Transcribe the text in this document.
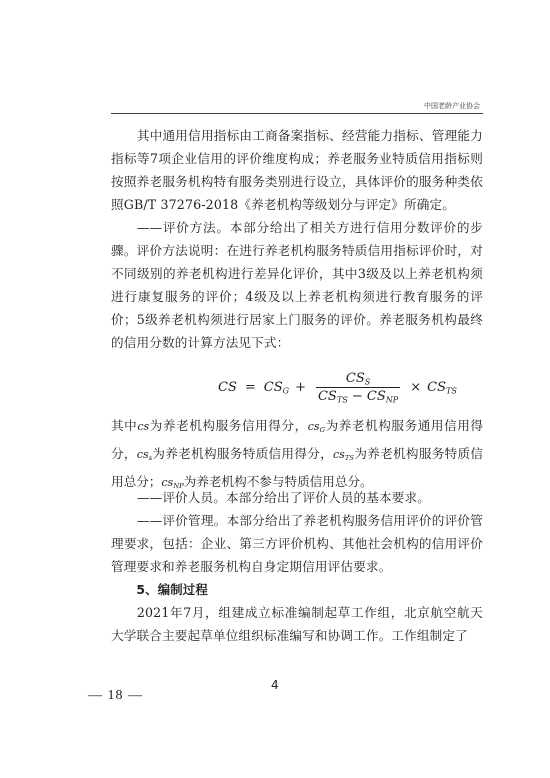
中国老龄产业协会

其中通用信用指标由工商备案指标、经营能力指标、管理能力指标等7项企业信用的评价维度构成；养老服务业特质信用指标则按照养老服务机构特有服务类别进行设立，具体评价的服务种类依照GB/T 37276-2018《养老机构等级划分与评定》所确定。

——评价方法。本部分给出了相关方进行信用分数评价的步骤。评价方法说明：在进行养老机构服务特质信用指标评价时，对不同级别的养老机构进行差异化评价，其中3级及以上养老机构须进行康复服务的评价；4级及以上养老机构须进行教育服务的评价；5级养老机构须进行居家上门服务的评价。养老服务机构最终的信用分数的计算方法见下式：

CS = $CS_G + \frac{CS_S}{CS_{TS} - CS_{NP}} \times CS_{TS}$

其中cs为养老机构服务信用得分，$cs_G$为养老机构服务通用信用得分，$cs_s$为养老机构服务特质信用得分，$cs_{TS}$为养老机构服务特质信用总分；$cs_{NP}$为养老机构不参与特质信用总分。

——评价人员。本部分给出了评价人员的基本要求。

——评价管理。本部分给出了养老机构服务信用评价的评价管理要求，包括：企业、第三方评价机构、其他社会机构的信用评价管理要求和养老服务机构自身定期信用评估要求。

5、编制过程

2021年7月，组建成立标准编制起草工作组，北京航空航天大学联合主要起草单位组织标准编写和协调工作。工作组制定了

4
— 18 —
